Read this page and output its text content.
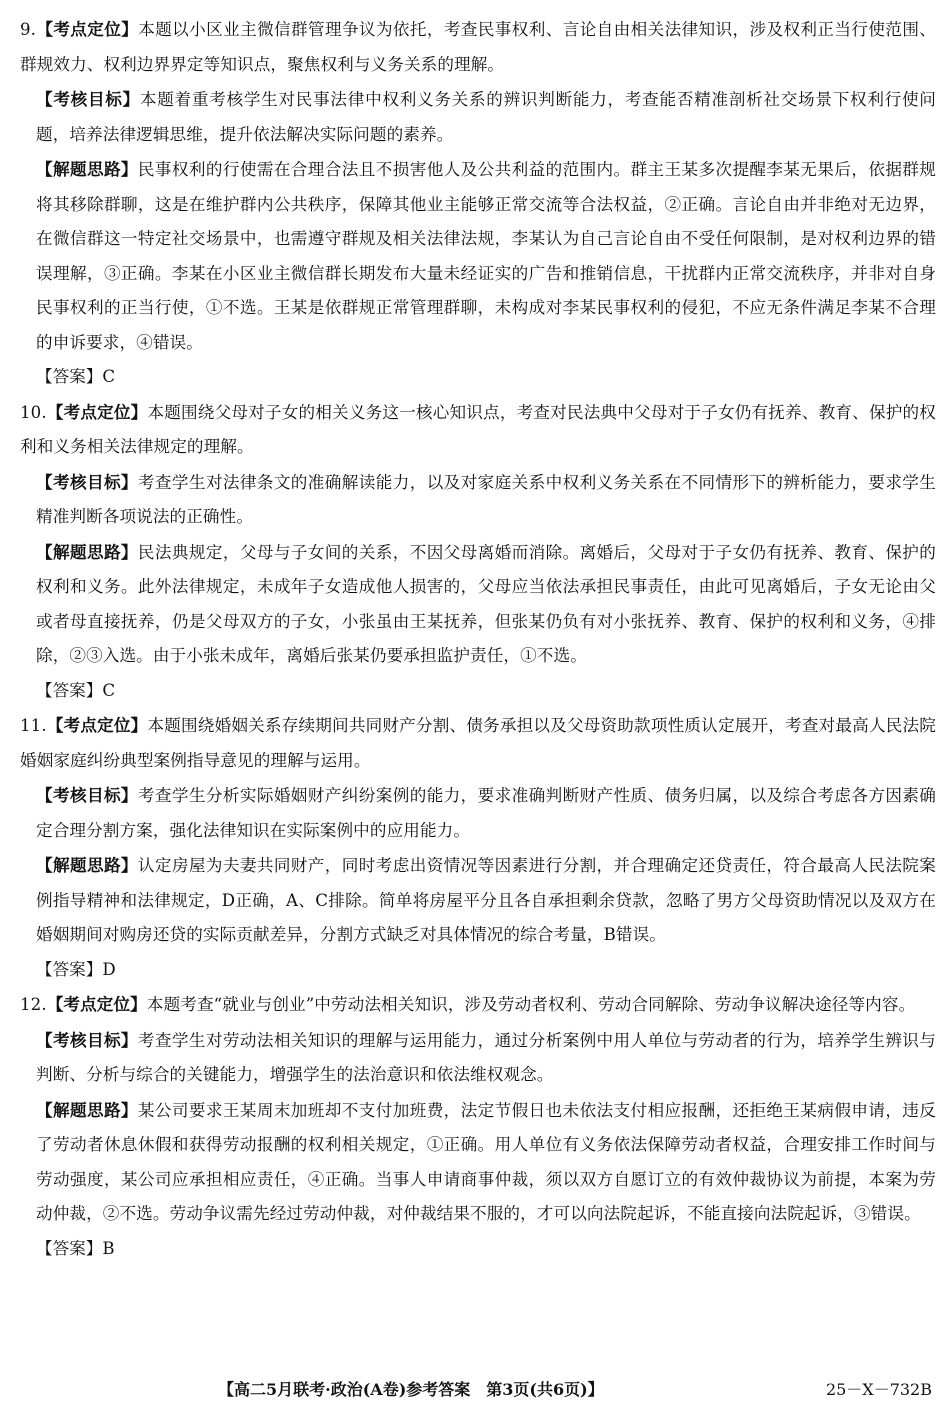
9.【考点定位】本题以小区业主微信群管理争议为依托，考查民事权利、言论自由相关法律知识，涉及权利正当行使范围、群规效力、权利边界界定等知识点，聚焦权利与义务关系的理解。

【考核目标】本题着重考核学生对民事法律中权利义务关系的辨识判断能力，考查能否精准剖析社交场景下权利行使问题，培养法律逻辑思维，提升依法解决实际问题的素养。

【解题思路】民事权利的行使需在合理合法且不损害他人及公共利益的范围内。群主王某多次提醒李某无果后，依据群规将其移除群聊，这是在维护群内公共秩序，保障其他业主能够正常交流等合法权益，②正确。言论自由并非绝对无边界，在微信群这一特定社交场景中，也需遵守群规及相关法律法规，李某认为自己言论自由不受任何限制，是对权利边界的错误理解，③正确。李某在小区业主微信群长期发布大量未经证实的广告和推销信息，干扰群内正常交流秩序，并非对自身民事权利的正当行使，①不选。王某是依群规正常管理群聊，未构成对李某民事权利的侵犯，不应无条件满足李某不合理的申诉要求，④错误。

【答案】C

10.【考点定位】本题围绕父母对子女的相关义务这一核心知识点，考查对民法典中父母对于子女仍有抚养、教育、保护的权利和义务相关法律规定的理解。

【考核目标】考查学生对法律条文的准确解读能力，以及对家庭关系中权利义务关系在不同情形下的辨析能力，要求学生精准判断各项说法的正确性。

【解题思路】民法典规定，父母与子女间的关系，不因父母离婚而消除。离婚后，父母对于子女仍有抚养、教育、保护的权利和义务。此外法律规定，未成年子女造成他人损害的，父母应当依法承担民事责任，由此可见离婚后，子女无论由父或者母直接抚养，仍是父母双方的子女，小张虽由王某抚养，但张某仍负有对小张抚养、教育、保护的权利和义务，④排除，②③入选。由于小张未成年，离婚后张某仍要承担监护责任，①不选。

【答案】C

11.【考点定位】本题围绕婚姻关系存续期间共同财产分割、债务承担以及父母资助款项性质认定展开，考查对最高人民法院婚姻家庭纠纷典型案例指导意见的理解与运用。

【考核目标】考查学生分析实际婚姻财产纠纷案例的能力，要求准确判断财产性质、债务归属，以及综合考虑各方因素确定合理分割方案，强化法律知识在实际案例中的应用能力。

【解题思路】认定房屋为夫妻共同财产，同时考虑出资情况等因素进行分割，并合理确定还贷责任，符合最高人民法院案例指导精神和法律规定，D正确，A、C排除。简单将房屋平分且各自承担剩余贷款，忽略了男方父母资助情况以及双方在婚姻期间对购房还贷的实际贡献差异，分割方式缺乏对具体情况的综合考量，B错误。

【答案】D

12.【考点定位】本题考查“就业与创业”中劳动法相关知识，涉及劳动者权利、劳动合同解除、劳动争议解决途径等内容。

【考核目标】考查学生对劳动法相关知识的理解与运用能力，通过分析案例中用人单位与劳动者的行为，培养学生辨识与判断、分析与综合的关键能力，增强学生的法治意识和依法维权观念。

【解题思路】某公司要求王某周末加班却不支付加班费，法定节假日也未依法支付相应报酬，还拒绝王某病假申请，违反了劳动者休息休假和获得劳动报酬的权利相关规定，①正确。用人单位有义务依法保障劳动者权益，合理安排工作时间与劳动强度，某公司应承担相应责任，④正确。当事人申请商事仲裁，须以双方自愿订立的有效仲裁协议为前提，本案为劳动仲裁，②不选。劳动争议需先经过劳动仲裁，对仲裁结果不服的，才可以向法院起诉，不能直接向法院起诉，③错误。

【答案】B
【高二5月联考·政治(A卷)参考答案　第3页(共6页)】	25－X－732B
